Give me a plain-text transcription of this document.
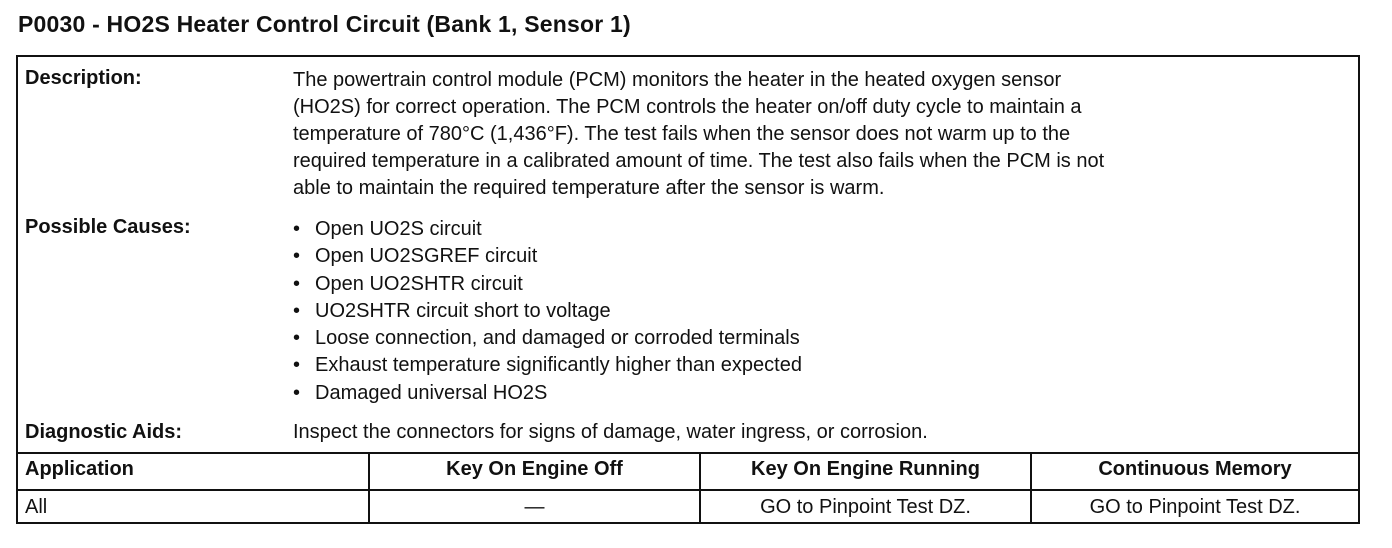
P0030 - HO2S Heater Control Circuit (Bank 1, Sensor 1)
Description:	The powertrain control module (PCM) monitors the heater in the heated oxygen sensor
(HO2S) for correct operation. The PCM controls the heater on/off duty cycle to maintain a
temperature of 780°C (1,436°F). The test fails when the sensor does not warm up to the
required temperature in a calibrated amount of time. The test also fails when the PCM is not
able to maintain the required temperature after the sensor is warm.
Possible Causes:	• Open UO2S circuit
• Open UO2SGREF circuit
• Open UO2SHTR circuit
• UO2SHTR circuit short to voltage
• Loose connection, and damaged or corroded terminals
• Exhaust temperature significantly higher than expected
• Damaged universal HO2S
Diagnostic Aids:	Inspect the connectors for signs of damage, water ingress, or corrosion.
Application	Key On Engine Off	Key On Engine Running	Continuous Memory
All	—	GO to Pinpoint Test DZ.	GO to Pinpoint Test DZ.
